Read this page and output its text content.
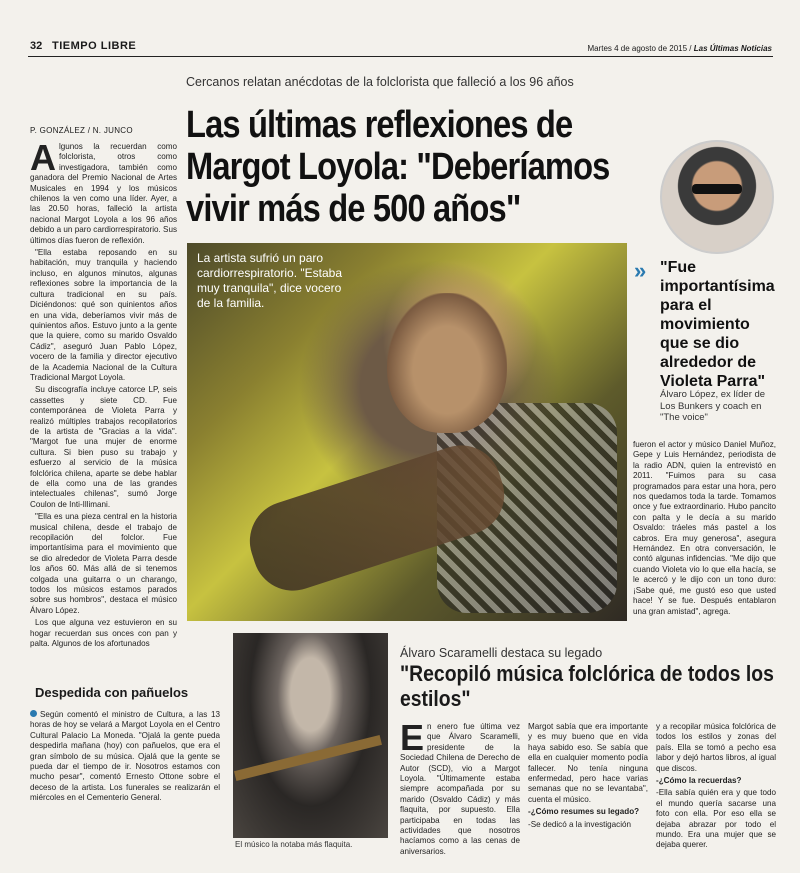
32 TIEMPO LIBRE	Martes 4 de agosto de 2015 / Las Últimas Noticias
Cercanos relatan anécdotas de la folclorista que falleció a los 96 años
Las últimas reflexiones de Margot Loyola: "Deberíamos vivir más de 500 años"
P. GONZÁLEZ / N. JUNCO
A lgunos la recuerdan como folclorista, otros como investigadora, también como ganadora del Premio Nacional de Artes Musicales en 1994 y los músicos chilenos la ven como una líder. Ayer, a las 20.50 horas, falleció la artista nacional Margot Loyola a los 96 años debido a un paro cardiorrespiratorio. Sus últimos días fueron de reflexión.

"Ella estaba reposando en su habitación, muy tranquila y haciendo incluso, en algunos minutos, algunas reflexiones sobre la importancia de la cultura tradicional en su país. Diciéndonos: qué son quinientos años en una vida, deberíamos vivir más de quinientos años. Estuvo junto a la gente que la quiere, como su marido Osvaldo Cádiz", aseguró Juan Pablo López, vocero de la familia y director ejecutivo de la Academia Nacional de la Cultura Tradicional Margot Loyola.

Su discografía incluye catorce LP, seis cassettes y siete CD. Fue contemporánea de Violeta Parra y realizó múltiples trabajos recopilatorios de la artista de "Gracias a la vida". "Margot fue una mujer de enorme cultura. Si bien puso su trabajo y esfuerzo al servicio de la música folclórica chilena, aparte se debe hablar de ella como una de las grandes intelectuales chilenas", sumó Jorge Coulon de Inti-Illimani.

"Ella es una pieza central en la historia musical chilena, desde el trabajo de recopilación del folclor. Fue importantísima para el movimiento que se dio alrededor de Violeta Parra desde los años 60. Más allá de si tenemos colgada una guitarra o un charango, todos los músicos estamos parados sobre sus hombros", destaca el músico Álvaro López.

Los que alguna vez estuvieron en su hogar recuerdan sus onces con pan y palta. Algunos de los afortunados

La artista sufrió un paro cardiorrespiratorio. "Estaba muy tranquila", dice vocero de la familia.
» "Fue importantísima para el movimiento que se dio alrededor de Violeta Parra"
Álvaro López, ex líder de Los Bunkers y coach en "The voice"

fueron el actor y músico Daniel Muñoz, Gepe y Luis Hernández, periodista de la radio ADN, quien la entrevistó en 2011. "Fuimos para su casa programados para estar una hora, pero nos quedamos toda la tarde. Tomamos once y fue extraordinario. Hubo pancito con palta y le decía a su marido Osvaldo: tráeles más pastel a los cabros. Era muy generosa", asegura Hernández. En otra conversación, le contó algunas infidencias. "Me dijo que cuando Violeta vio lo que ella hacía, se le acercó y le dijo con un tono duro: ¡Sabe qué, me gustó eso que usted hace! Y se fue. Después entablaron una gran amistad", agrega.

Despedida con pañuelos
Según comentó el ministro de Cultura, a las 13 horas de hoy se velará a Margot Loyola en el Centro Cultural Palacio La Moneda. "Ojalá la gente pueda despedirla mañana (hoy) con pañuelos, que era el gran símbolo de su música. Ojalá que la gente se pueda dar el tiempo de ir. Nosotros estamos con mucho pesar", comentó Ernesto Ottone sobre el deceso de la artista. Los funerales se realizarán el miércoles en el Cementerio General.
El músico la notaba más flaquita.
Álvaro Scaramelli destaca su legado
"Recopiló música folclórica de todos los estilos"
E n enero fue última vez que Álvaro Scaramelli, presidente de la Sociedad Chilena de Derecho de Autor (SCD), vio a Margot Loyola. "Últimamente estaba siempre acompañada por su marido (Osvaldo Cádiz) y más flaquita, por supuesto. Ella participaba en todas las actividades que nosotros hacíamos como a las cenas de aniversarios.

Margot sabía que era importante y es muy bueno que en vida haya sabido eso. Se sabía que ella en cualquier momento podía fallecer. No tenía ninguna enfermedad, pero hace varias semanas que no se levantaba", cuenta el músico.

-¿Cómo resumes su legado?

-Se dedicó a la investigación

y a recopilar música folclórica de todos los estilos y zonas del país. Ella se tomó a pecho esa labor y dejó hartos libros, al igual que discos.

-¿Cómo la recuerdas?

-Ella sabía quién era y que todo el mundo quería sacarse una foto con ella. Por eso ella se dejaba abrazar por todo el mundo. Era una mujer que se dejaba querer.
